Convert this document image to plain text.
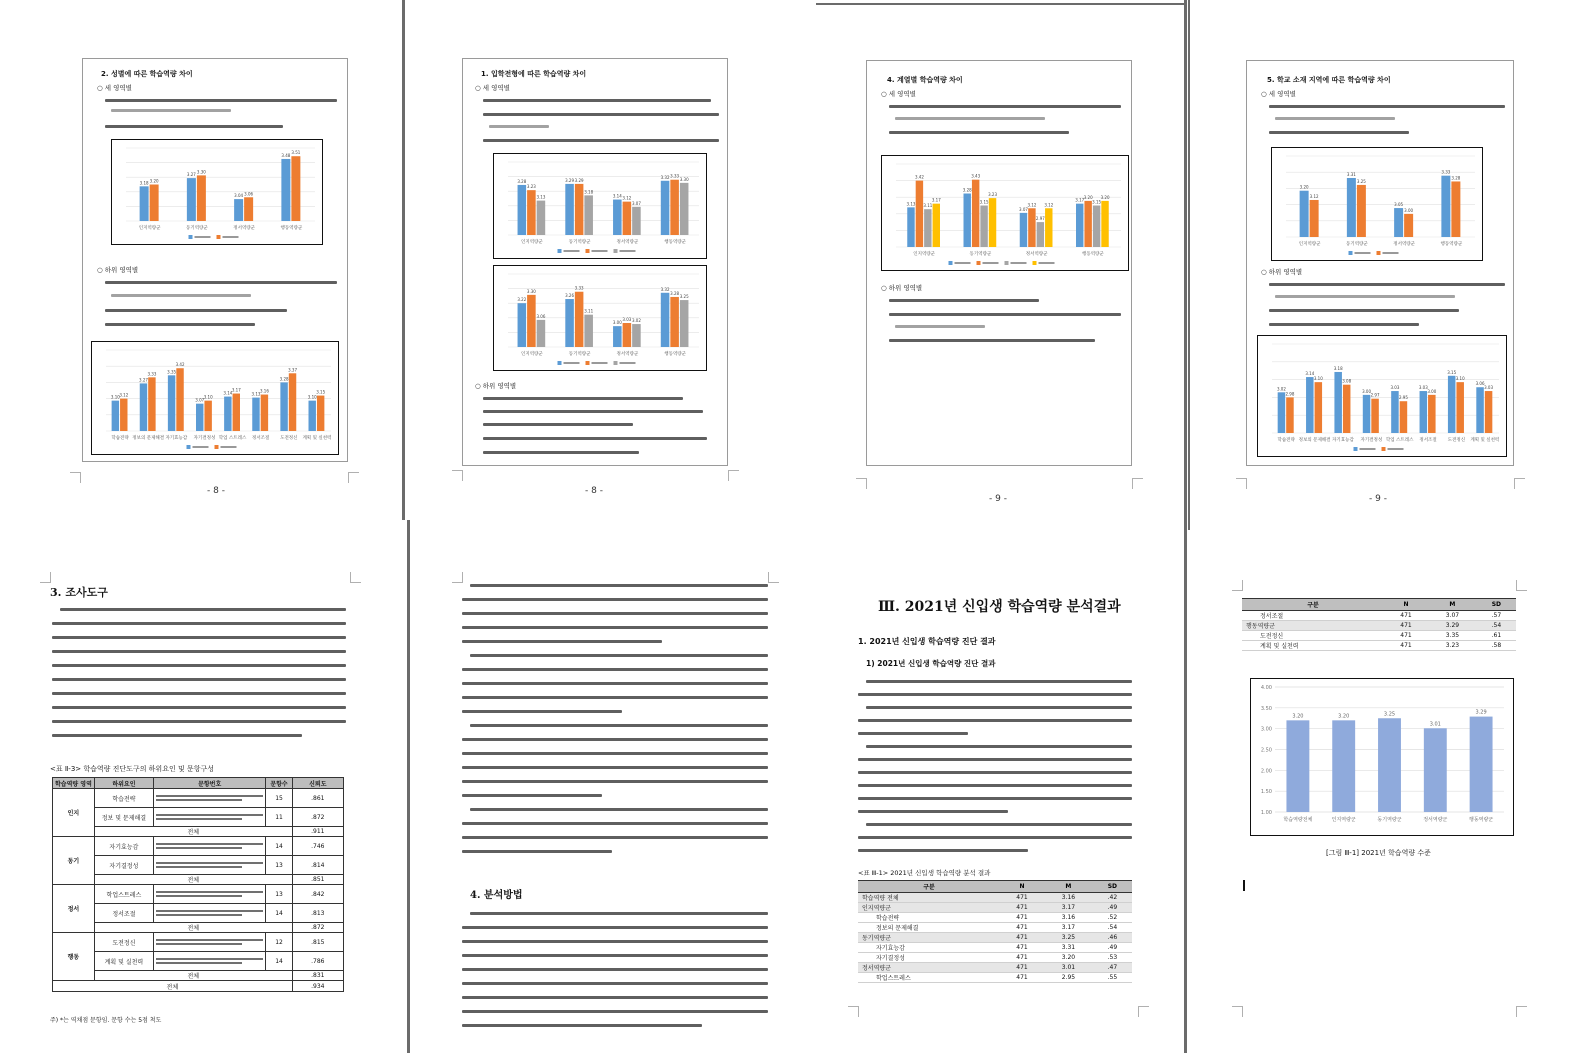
2. 성별에 따른 학습역량 차이
○ 세 영역별
3.18 3.20
인지역량군
3.27
3.30
동기역량군
3.04 3.06
정서역량군
3.48
3.51
행동역량군
○ 하위 영역별
3.10 3.12
학습전략
3.27
3.33
정보의 문제해결
3.35
3.42
자기효능감
3.07
3.10
자기결정성
3.14
3.17
학업 스트레스
3.13
3.16
정서조절
3.28
3.37
도전정신
3.10
3.15
계획 및 실천력
- 8 -
1. 입학전형에 따른 학습역량 차이
○ 세 영역별
3.28
3.23
3.13
인지역량군
3.29 3.29
3.18
동기역량군
3.14 3.12
3.07
정서역량군
3.32 3.33
3.30
행동역량군
3.22
3.30
3.06
인지역량군
3.26
3.33
3.11
동기역량군
3.00
3.03 3.02
정서역량군
3.32
3.28
3.25
행동역량군
○ 하위 영역별
- 8 -
4. 계열별 학습역량 차이
○ 세 영역별
3.13
3.42
3.11
3.17
인지역량군
3.28
3.43
3.15
3.23
동기역량군
3.07
3.12
2.97
3.12
정서역량군
3.17
3.20
3.15
3.20
행동역량군
○ 하위 영역별
- 9 -
5. 학교 소재 지역에 따른 학습역량 차이
○ 세 영역별
3.20
3.12
인지역량군
3.31
3.25
동기역량군
3.05
3.00
정서역량군
3.33
3.28
행동역량군
○ 하위 영역별
3.02
2.98
학습전략
3.14
3.10
정보의 문제해결
3.18
3.08
자기효능감
3.00
2.97
자기결정성
3.03
2.95
학업 스트레스
3.03
3.00
정서조절
3.15
3.10
도전정신
3.06
3.03
계획 및 실천력
- 9 -
3. 조사도구
<표 Ⅱ-3> 학습역량 진단도구의 하위요인 및 문항구성
학습역량 영역	하위요인	문항번호	문항수	신뢰도
인지	학습전략		15	.861
	정보 및 문제해결		11	.872
	전체			.911
동기	자기효능감		14	.746
	자기결정성		13	.814
	전체			.851
정서	학업스트레스		13	.842
	정서조절		14	.813
	전체			.872
행동	도전정신		12	.815
	계획 및 실천력		14	.786
	전체			.831
전체				.934
주) *는 역채점 문항임. 문항 수는 5점 척도
4. 분석방법
Ⅲ. 2021년 신입생 학습역량 분석결과
1. 2021년 신입생 학습역량 진단 결과
1) 2021년 신입생 학습역량 진단 결과
<표 Ⅲ-1> 2021년 신입생 학습역량 분석 결과
구분	N	M	SD
학습역량 전체	471	3.16	.42
인지역량군	471	3.17	.49
학습전략	471	3.16	.52
정보의 문제해결	471	3.17	.54
동기역량군	471	3.25	.46
자기효능감	471	3.31	.49
자기결정성	471	3.20	.53
정서역량군	471	3.01	.47
학업스트레스	471	2.95	.55
구분	N	M	SD
정서조절	471	3.07	.57
행동역량군	471	3.29	.54
도전정신	471	3.35	.61
계획 및 실천력	471	3.23	.58
1.00
1.50
2.00
2.50
3.00
3.50
4.00
3.20
학습역량전체
3.20
인지역량군
3.25
동기역량군
3.01
정서역량군
3.29
행동역량군
[그림 Ⅲ-1] 2021년 학습역량 수준
